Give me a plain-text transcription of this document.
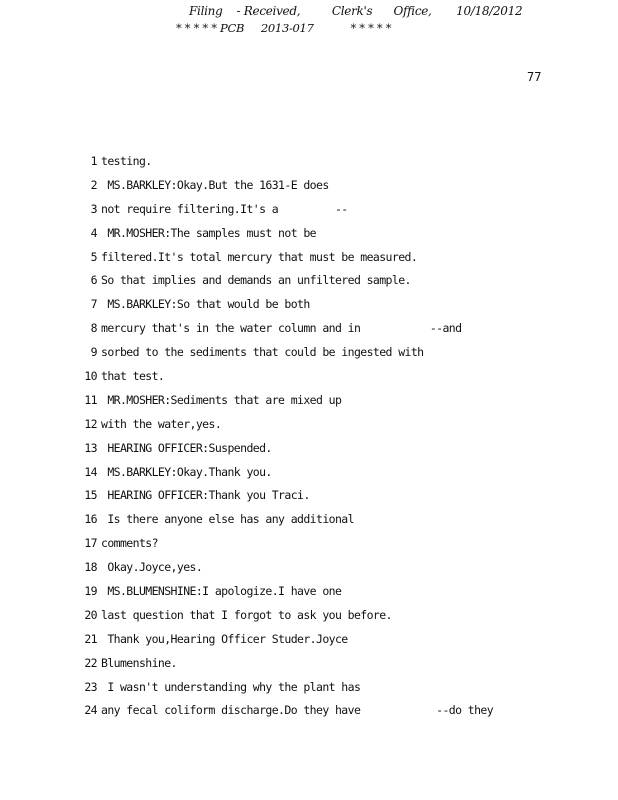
Filing    - Received,         Clerk's      Office,       10/18/2012
* * * * * PCB     2013-017           * * * * *
77
1 testing.
2 MS.BARKLEY:Okay.But the 1631-E does
3 not require filtering.It's a         --
4 MR.MOSHER:The samples must not be
5 filtered.It's total mercury that must be measured.
6 So that implies and demands an unfiltered sample.
7 MS.BARKLEY:So that would be both
8 mercury that's in the water column and in           --and
9 sorbed to the sediments that could be ingested with
10 that test.
11 MR.MOSHER:Sediments that are mixed up
12 with the water,yes.
13 HEARING OFFICER:Suspended.
14 MS.BARKLEY:Okay.Thank you.
15 HEARING OFFICER:Thank you Traci.
16 Is there anyone else has any additional
17 comments?
18 Okay.Joyce,yes.
19 MS.BLUMENSHINE:I apologize.I have one
20 last question that I forgot to ask you before.
21 Thank you,Hearing Officer Studer.Joyce
22 Blumenshine.
23 I wasn't understanding why the plant has
24 any fecal coliform discharge.Do they have            --do they
